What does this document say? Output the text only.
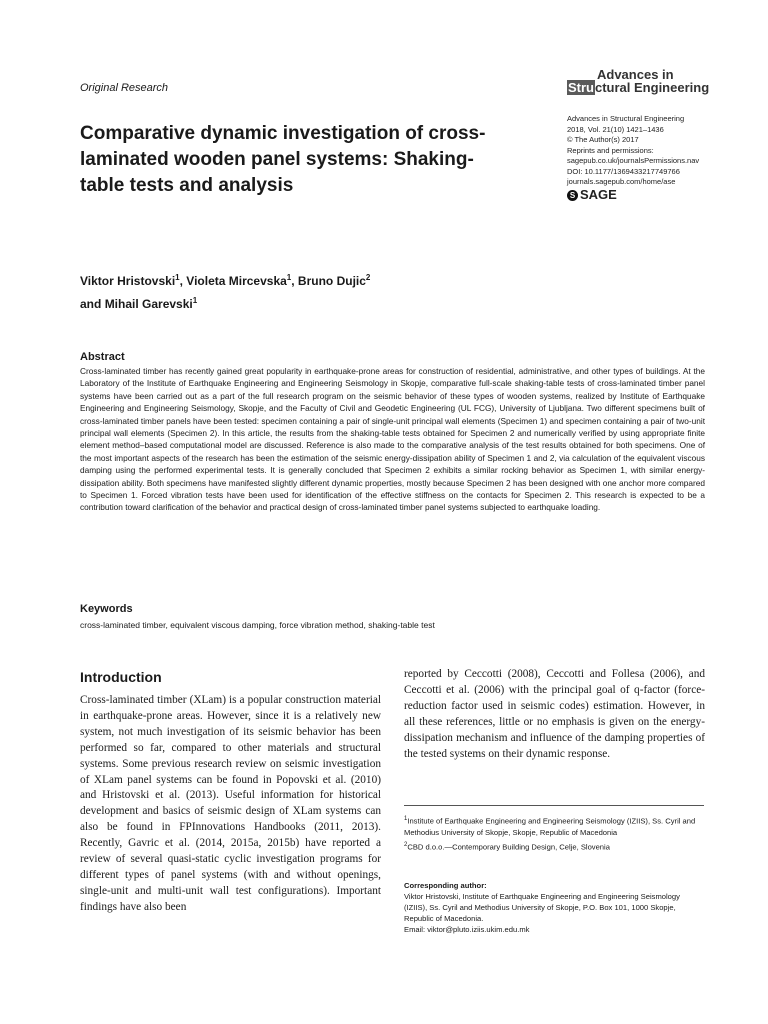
Original Research
Advances in
Structural Engineering
Advances in Structural Engineering
2018, Vol. 21(10) 1421–1436
© The Author(s) 2017
Reprints and permissions:
sagepub.co.uk/journalsPermissions.nav
DOI: 10.1177/1369433217749766
journals.sagepub.com/home/ase
S SAGE
Comparative dynamic investigation of cross-laminated wooden panel systems: Shaking-table tests and analysis
Viktor Hristovski$^1$, Violeta Mircevska$^1$, Bruno Dujic$^2$
and Mihail Garevski$^1$
Abstract
Cross-laminated timber has recently gained great popularity in earthquake-prone areas for construction of residential, administrative, and other types of buildings. At the Laboratory of the Institute of Earthquake Engineering and Engineering Seismology in Skopje, comparative full-scale shaking-table tests of cross-laminated timber panel systems have been carried out as a part of the full research program on the seismic behavior of these types of wooden systems, realized by Institute of Earthquake Engineering and Engineering Seismology, Skopje, and the Faculty of Civil and Geodetic Engineering (UL FCG), University of Ljubljana. Two different specimens built of cross-laminated timber panels have been tested: specimen containing a pair of single-unit principal wall elements (Specimen 1) and specimen containing a pair of two-unit principal wall elements (Specimen 2). In this article, the results from the shaking-table tests obtained for Specimen 2 and numerically verified by using appropriate finite element method–based computational model are discussed. Reference is also made to the comparative analysis of the test results obtained for both specimens. One of the most important aspects of the research has been the estimation of the seismic energy-dissipation ability of Specimen 1 and 2, via calculation of the equivalent viscous damping using the performed experimental tests. It is generally concluded that Specimen 2 exhibits a similar rocking behavior as Specimen 1, with similar energy-dissipation ability. Both specimens have manifested slightly different dynamic properties, mostly because Specimen 2 has been designed with one anchor more compared to Specimen 1. Forced vibration tests have been used for identification of the effective stiffness on the contacts for Specimen 2. This research is expected to be a contribution toward clarification of the behavior and practical design of cross-laminated timber panel systems subjected to earthquake loading.
Keywords
cross-laminated timber, equivalent viscous damping, force vibration method, shaking-table test
Introduction
Cross-laminated timber (XLam) is a popular construction material in earthquake-prone areas. However, since it is a relatively new system, not much investigation of its seismic behavior has been performed so far, compared to other materials and structural systems. Some previous research review on seismic investigation of XLam panel systems can be found in Popovski et al. (2010) and Hristovski et al. (2013). Useful information for historical development and basics of seismic design of XLam systems can also be found in FPInnovations Handbooks (2011, 2013). Recently, Gavric et al. (2014, 2015a, 2015b) have reported a review of several quasi-static cyclic investigation programs for different types of panel systems (with and without openings, single-unit and multi-unit wall test configurations). Important findings have also been
reported by Ceccotti (2008), Ceccotti and Follesa (2006), and Ceccotti et al. (2006) with the principal goal of q-factor (force-reduction factor used in seismic codes) estimation. However, in all these references, little or no emphasis is given on the energy-dissipation mechanism and influence of the damping properties of the tested systems on their dynamic response.
$^1$Institute of Earthquake Engineering and Engineering Seismology (IZIIS), Ss. Cyril and Methodius University of Skopje, Skopje, Republic of Macedonia
$^2$CBD d.o.o.—Contemporary Building Design, Celje, Slovenia
Corresponding author:
Viktor Hristovski, Institute of Earthquake Engineering and Engineering Seismology (IZIIS), Ss. Cyril and Methodius University of Skopje, P.O. Box 101, 1000 Skopje, Republic of Macedonia.
Email: viktor@pluto.iziis.ukim.edu.mk
